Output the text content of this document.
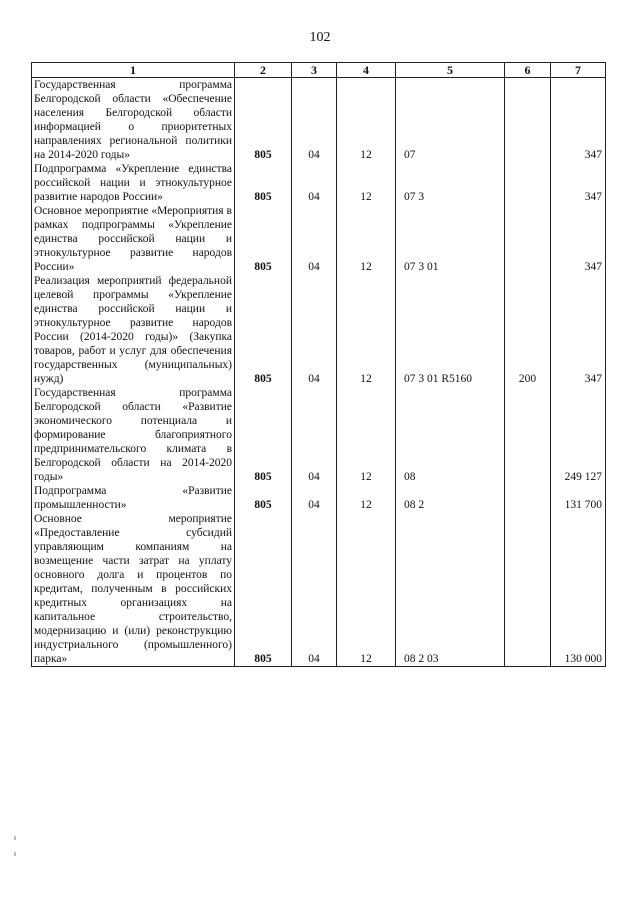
102
1	2	3	4	5	6	7
Государственная программа Белгородской области «Обеспечение населения Белгородской области информацией о приоритетных направлениях региональной политики на 2014-2020 годы»	805	04	12	07		347
Подпрограмма «Укрепление единства российской нации и этнокультурное развитие народов России»	805	04	12	07 3		347
Основное мероприятие «Мероприятия в рамках подпрограммы «Укрепление единства российской нации и этнокультурное развитие народов России»	805	04	12	07 3 01		347
Реализация мероприятий федеральной целевой программы «Укрепление единства российской нации и этнокультурное развитие народов России (2014-2020 годы)» (Закупка товаров, работ и услуг для обеспечения государственных (муниципальных) нужд)	805	04	12	07 3 01 R5160	200	347
Государственная программа Белгородской области «Развитие экономического потенциала и формирование благоприятного предпринимательского климата в Белгородской области на 2014-2020 годы»	805	04	12	08		249 127
Подпрограмма «Развитие промышленности»	805	04	12	08 2		131 700
Основное мероприятие «Предоставление субсидий управляющим компаниям на возмещение части затрат на уплату основного долга и процентов по кредитам, полученным в российских кредитных организациях на капитальное строительство, модернизацию и (или) реконструкцию индустриального (промышленного) парка»	805	04	12	08 2 03		130 000
